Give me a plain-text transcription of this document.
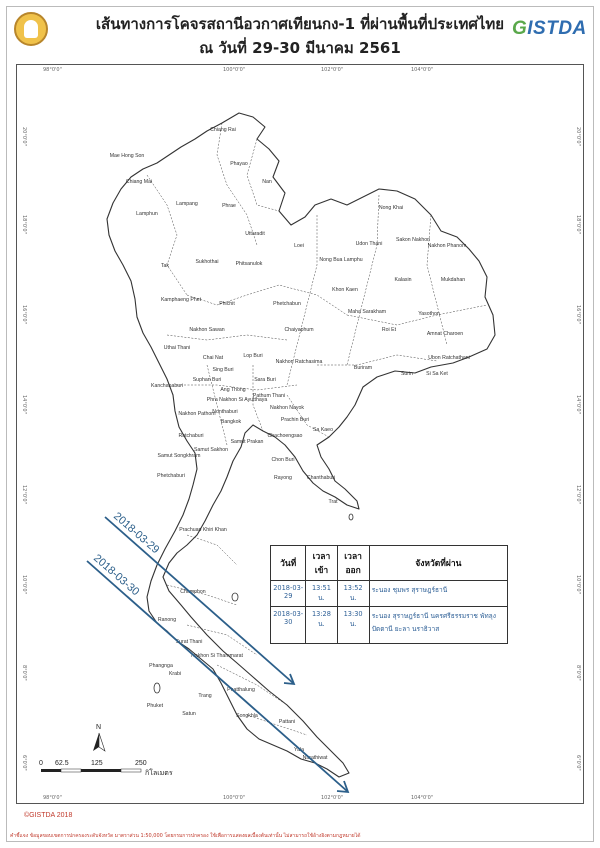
เส้นทางการโคจรสถานีอวกาศเทียนกง-1 ที่ผ่านพื้นที่ประเทศไทย
ณ วันที่ 29-30 มีนาคม 2561
GISTDA
98°0'0"	100°0'0"	102°0'0"	104°0'0"
98°0'0"	100°0'0"	102°0'0"	104°0'0"
20°0'0"
18°0'0"
16°0'0"
14°0'0"
12°0'0"
10°0'0"
8°0'0"
6°0'0"
20°0'0"
18°0'0"
16°0'0"
14°0'0"
12°0'0"
10°0'0"
8°0'0"
6°0'0"
Chiang Rai
Mae Hong Son
Phayao
Chiang Mai	Nan
Lampang	Phrae
Lamphun
Uttaradit
Loei	Udon Thani
Nong Khai
Sakon Nakhon
Nakhon Phanom
Nong Bua Lamphu
Tak
Sukhothai	Phitsanulok
Khon Kaen
Kalasin	Mukdahan
Kamphaeng Phet
Phichit	Phetchabun
Chaiyaphum
Maha Sarakham
Roi Et
Yasothon
Amnat Charoen
Nakhon Sawan
Ubon Ratchathani
Uthai Thani
Chai Nat	Lop Buri
Sing Buri
Nakhon Ratchasima
Buriram
Surin	Si Sa Ket
Suphan Buri
Ang Thong
Sara Buri
Kanchanaburi
Phra Nakhon Si Ayutthaya
Pathum Thani
Nakhon Nayok
Nakhon Pathom
Nonthaburi
Bangkok	Prachin Buri
Sa Kaeo
Chachoengsao
Ratchaburi
Samut Sakhon
Samut Prakan
Samut Songkhram
Chon Buri
Phetchaburi	Rayong	Chanthaburi
Trat
Prachuap Khiri Khan
Chumphon
Ranong
Surat Thani
Phangnga
Nakhon Si Thammarat
Krabi
Phuket
Trang
Phatthalung
Satun	Songkhla
Pattani
Yala
Narathiwat
2018-03-29
2018-03-30
N
0 62.5	125	250
กิโลเมตร
วันที่	เวลาเข้า	เวลาออก	จังหวัดที่ผ่าน
2018-03-29	13:51 น.	13:52 น.	ระนอง ชุมพร สุราษฎร์ธานี
2018-03-30	13:28 น.	13:30 น.	ระนอง สุราษฎร์ธานี นครศรีธรรมราช พัทลุง ปัตตานี ยะลา นราธิวาส
©GISTDA 2018
คำชี้แจง ข้อมูลขอบเขตการปกครองระดับจังหวัด มาตราส่วน 1:50,000 โดยกรมการปกครอง ใช้เพื่อการแสดงผลเบื้องต้นเท่านั้น ไม่สามารถใช้อ้างอิงตามกฎหมายได้
